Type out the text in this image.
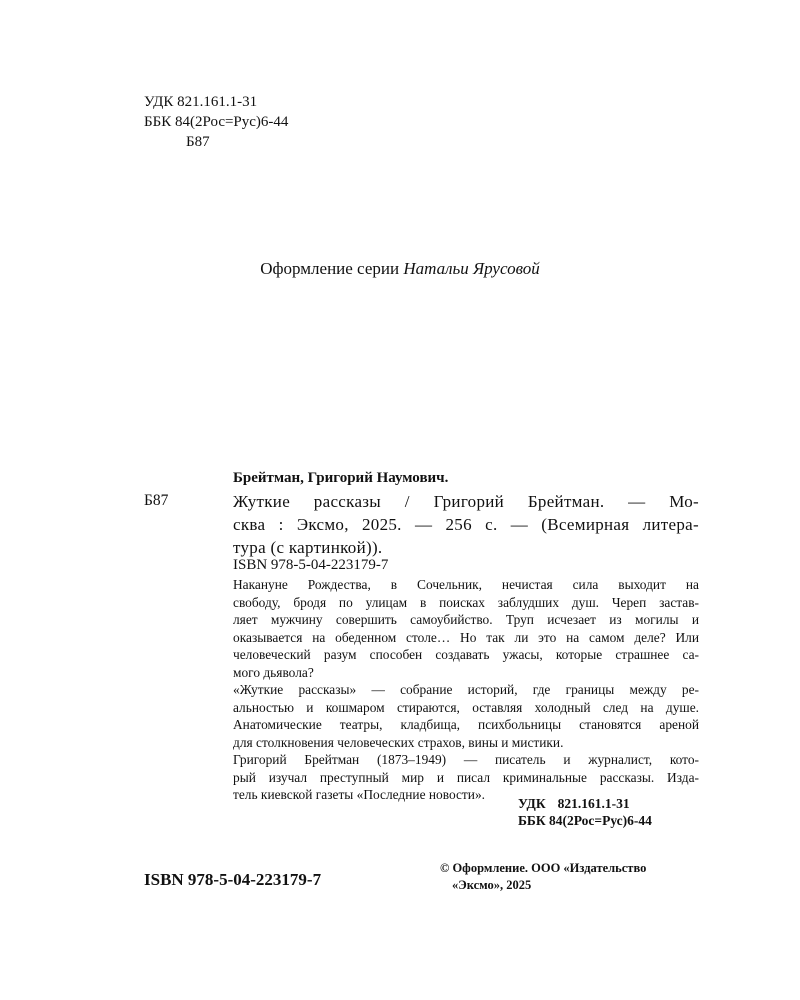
УДК 821.161.1-31
ББК 84(2Рос=Рус)6-44
Б87
Оформление серии Натальи Ярусовой
Брейтман, Григорий Наумович.
Б87	Жуткие рассказы / Григорий Брейтман. — Мо-
сква : Эксмо, 2025. — 256 с. — (Всемирная литера-
тура (с картинкой)).
ISBN 978-5-04-223179-7
Накануне Рождества, в Сочельник, нечистая сила выходит на
свободу, бродя по улицам в поисках заблудших душ. Череп застав-
ляет мужчину совершить самоубийство. Труп исчезает из могилы и
оказывается на обеденном столе… Но так ли это на самом деле? Или
человеческий разум способен создавать ужасы, которые страшнее са-
мого дьявола?
«Жуткие рассказы» — собрание историй, где границы между ре-
альностью и кошмаром стираются, оставляя холодный след на душе.
Анатомические театры, кладбища, психбольницы становятся ареной
для столкновения человеческих страхов, вины и мистики.
Григорий Брейтман (1873–1949) — писатель и журналист, кото-
рый изучал преступный мир и писал криминальные рассказы. Изда-
тель киевской газеты «Последние новости».
УДК 821.161.1-31
ББК 84(2Рос=Рус)6-44
ISBN 978-5-04-223179-7
© Оформление. ООО «Издательство
«Эксмо», 2025
